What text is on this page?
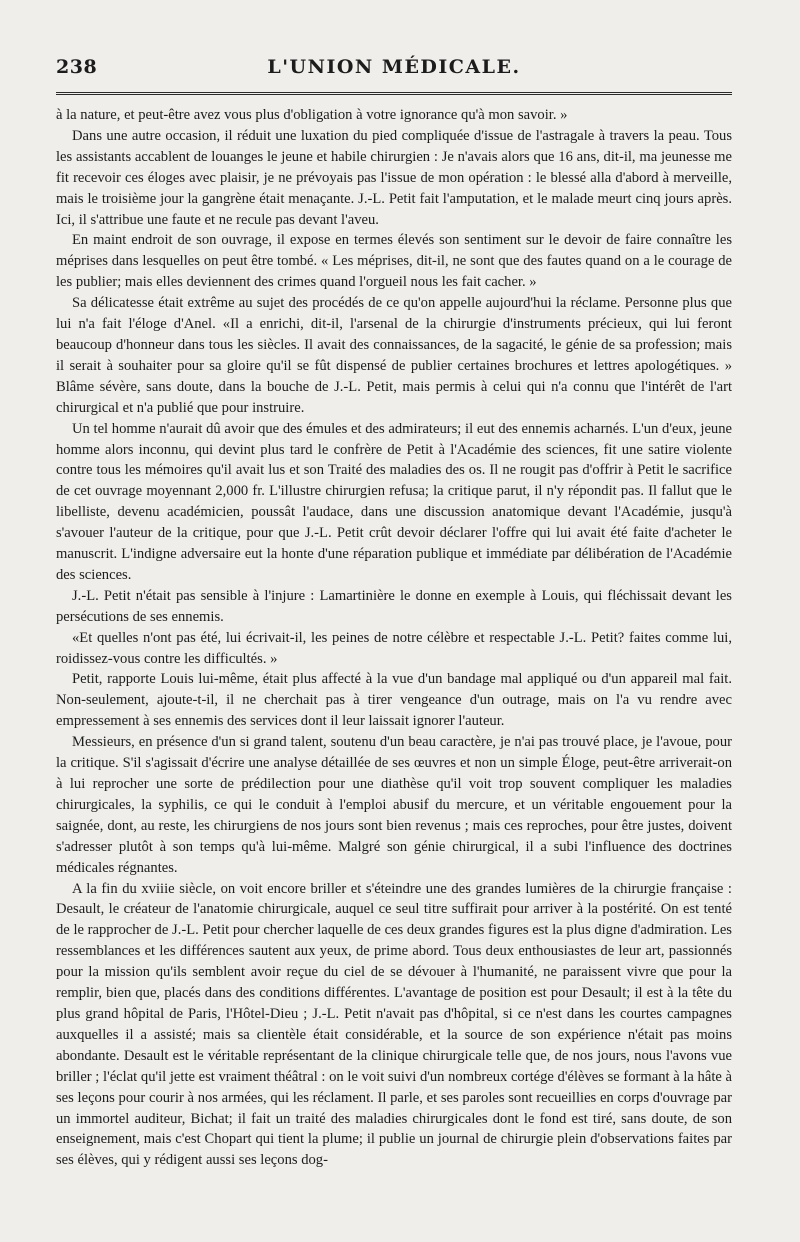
238	L'UNION MÉDICALE.

à la nature, et peut-être avez vous plus d'obligation à votre ignorance qu'à mon savoir. »

Dans une autre occasion, il réduit une luxation du pied compliquée d'issue de l'astragale à travers la peau. Tous les assistants accablent de louanges le jeune et habile chirurgien : Je n'avais alors que 16 ans, dit-il, ma jeunesse me fit recevoir ces éloges avec plaisir, je ne prévoyais pas l'issue de mon opération : le blessé alla d'abord à merveille, mais le troisième jour la gangrène était menaçante. J.-L. Petit fait l'amputation, et le malade meurt cinq jours après. Ici, il s'attribue une faute et ne recule pas devant l'aveu.

En maint endroit de son ouvrage, il expose en termes élevés son sentiment sur le devoir de faire connaître les méprises dans lesquelles on peut être tombé. « Les méprises, dit-il, ne sont que des fautes quand on a le courage de les publier; mais elles deviennent des crimes quand l'orgueil nous les fait cacher. »

Sa délicatesse était extrême au sujet des procédés de ce qu'on appelle aujourd'hui la réclame. Personne plus que lui n'a fait l'éloge d'Anel. «Il a enrichi, dit-il, l'arsenal de la chirurgie d'instruments précieux, qui lui feront beaucoup d'honneur dans tous les siècles. Il avait des connaissances, de la sagacité, le génie de sa profession; mais il serait à souhaiter pour sa gloire qu'il se fût dispensé de publier certaines brochures et lettres apologétiques. » Blâme sévère, sans doute, dans la bouche de J.-L. Petit, mais permis à celui qui n'a connu que l'intérêt de l'art chirurgical et n'a publié que pour instruire.

Un tel homme n'aurait dû avoir que des émules et des admirateurs; il eut des ennemis acharnés. L'un d'eux, jeune homme alors inconnu, qui devint plus tard le confrère de Petit à l'Académie des sciences, fit une satire violente contre tous les mémoires qu'il avait lus et son Traité des maladies des os. Il ne rougit pas d'offrir à Petit le sacrifice de cet ouvrage moyennant 2,000 fr. L'illustre chirurgien refusa; la critique parut, il n'y répondit pas. Il fallut que le libelliste, devenu académicien, poussât l'audace, dans une discussion anatomique devant l'Académie, jusqu'à s'avouer l'auteur de la critique, pour que J.-L. Petit crût devoir déclarer l'offre qui lui avait été faite d'acheter le manuscrit. L'indigne adversaire eut la honte d'une réparation publique et immédiate par délibération de l'Académie des sciences.

J.-L. Petit n'était pas sensible à l'injure : Lamartinière le donne en exemple à Louis, qui fléchissait devant les persécutions de ses ennemis.

«Et quelles n'ont pas été, lui écrivait-il, les peines de notre célèbre et respectable J.-L. Petit? faites comme lui, roidissez-vous contre les difficultés. »

Petit, rapporte Louis lui-même, était plus affecté à la vue d'un bandage mal appliqué ou d'un appareil mal fait. Non-seulement, ajoute-t-il, il ne cherchait pas à tirer vengeance d'un outrage, mais on l'a vu rendre avec empressement à ses ennemis des services dont il leur laissait ignorer l'auteur.

Messieurs, en présence d'un si grand talent, soutenu d'un beau caractère, je n'ai pas trouvé place, je l'avoue, pour la critique. S'il s'agissait d'écrire une analyse détaillée de ses œuvres et non un simple Éloge, peut-être arriverait-on à lui reprocher une sorte de prédilection pour une diathèse qu'il voit trop souvent compliquer les maladies chirurgicales, la syphilis, ce qui le conduit à l'emploi abusif du mercure, et un véritable engouement pour la saignée, dont, au reste, les chirurgiens de nos jours sont bien revenus ; mais ces reproches, pour être justes, doivent s'adresser plutôt à son temps qu'à lui-même. Malgré son génie chirurgical, il a subi l'influence des doctrines médicales régnantes.

A la fin du xviiie siècle, on voit encore briller et s'éteindre une des grandes lumières de la chirurgie française : Desault, le créateur de l'anatomie chirurgicale, auquel ce seul titre suffirait pour arriver à la postérité. On est tenté de le rapprocher de J.-L. Petit pour chercher laquelle de ces deux grandes figures est la plus digne d'admiration. Les ressemblances et les différences sautent aux yeux, de prime abord. Tous deux enthousiastes de leur art, passionnés pour la mission qu'ils semblent avoir reçue du ciel de se dévouer à l'humanité, ne paraissent vivre que pour la remplir, bien que, placés dans des conditions différentes. L'avantage de position est pour Desault; il est à la tête du plus grand hôpital de Paris, l'Hôtel-Dieu ; J.-L. Petit n'avait pas d'hôpital, si ce n'est dans les courtes campagnes auxquelles il a assisté; mais sa clientèle était considérable, et la source de son expérience n'était pas moins abondante. Desault est le véritable représentant de la clinique chirurgicale telle que, de nos jours, nous l'avons vue briller ; l'éclat qu'il jette est vraiment théâtral : on le voit suivi d'un nombreux cortége d'élèves se formant à la hâte à ses leçons pour courir à nos armées, qui les réclament. Il parle, et ses paroles sont recueillies en corps d'ouvrage par un immortel auditeur, Bichat; il fait un traité des maladies chirurgicales dont le fond est tiré, sans doute, de son enseignement, mais c'est Chopart qui tient la plume; il publie un journal de chirurgie plein d'observations faites par ses élèves, qui y rédigent aussi ses leçons dog-
